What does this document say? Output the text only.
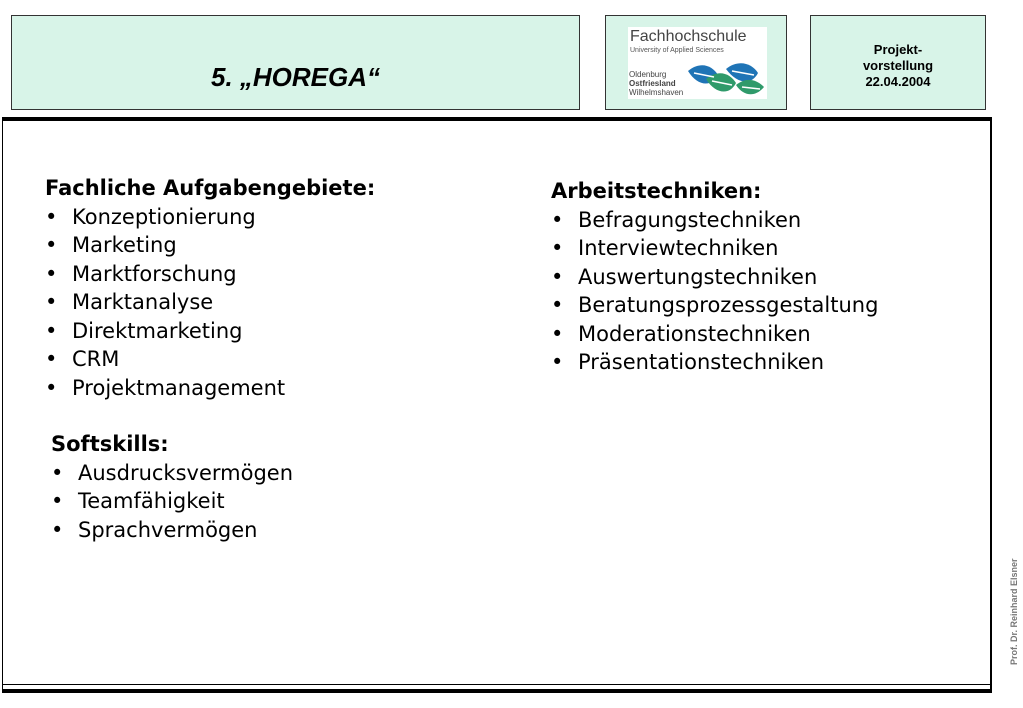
5. „HOREGA“
Fachhochschule
University of Applied Sciences
Oldenburg
Ostfriesland
Wilhelmshaven
Projekt-
vorstellung
22.04.2004
Fachliche Aufgabengebiete:
• Konzeptionierung
• Marketing
• Marktforschung
• Marktanalyse
• Direktmarketing
• CRM
• Projektmanagement
Softskills:
• Ausdrucksvermögen
• Teamfähigkeit
• Sprachvermögen
Arbeitstechniken:
• Befragungstechniken
• Interviewtechniken
• Auswertungstechniken
• Beratungsprozessgestaltung
• Moderationstechniken
• Präsentationstechniken
Prof. Dr. Reinhard Elsner
